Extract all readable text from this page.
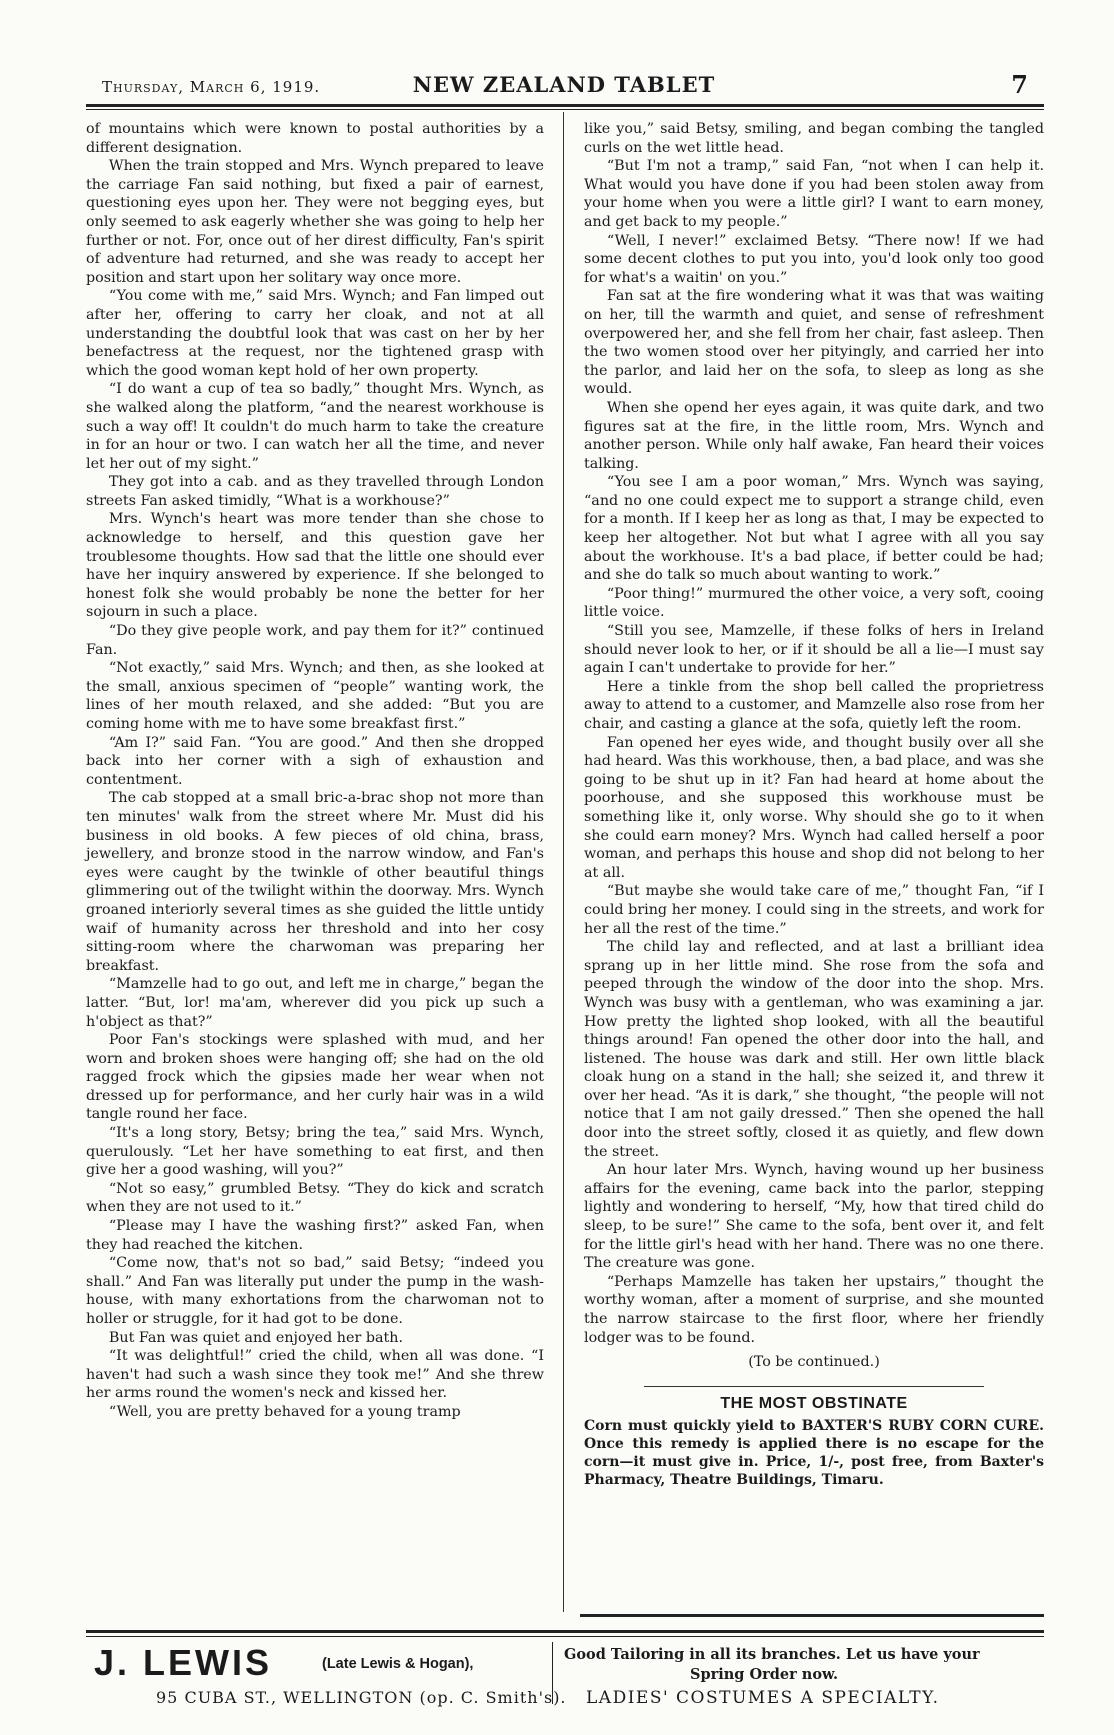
Thursday, March 6, 1919.	NEW ZEALAND TABLET	7

of mountains which were known to postal authorities by a different designation.

When the train stopped and Mrs. Wynch prepared to leave the carriage Fan said nothing, but fixed a pair of earnest, questioning eyes upon her. They were not begging eyes, but only seemed to ask eagerly whether she was going to help her further or not. For, once out of her direst difficulty, Fan's spirit of adventure had returned, and she was ready to accept her position and start upon her solitary way once more.

“You come with me,” said Mrs. Wynch; and Fan limped out after her, offering to carry her cloak, and not at all understanding the doubtful look that was cast on her by her benefactress at the request, nor the tightened grasp with which the good woman kept hold of her own property.

“I do want a cup of tea so badly,” thought Mrs. Wynch, as she walked along the platform, “and the nearest workhouse is such a way off! It couldn't do much harm to take the creature in for an hour or two. I can watch her all the time, and never let her out of my sight.”

They got into a cab. and as they travelled through London streets Fan asked timidly, “What is a workhouse?”

Mrs. Wynch's heart was more tender than she chose to acknowledge to herself, and this question gave her troublesome thoughts. How sad that the little one should ever have her inquiry answered by experience. If she belonged to honest folk she would probably be none the better for her sojourn in such a place.

“Do they give people work, and pay them for it?” continued Fan.

“Not exactly,” said Mrs. Wynch; and then, as she looked at the small, anxious specimen of “people” wanting work, the lines of her mouth relaxed, and she added: “But you are coming home with me to have some breakfast first.”

“Am I?” said Fan. “You are good.” And then she dropped back into her corner with a sigh of exhaustion and contentment.

The cab stopped at a small bric-a-brac shop not more than ten minutes' walk from the street where Mr. Must did his business in old books. A few pieces of old china, brass, jewellery, and bronze stood in the narrow window, and Fan's eyes were caught by the twinkle of other beautiful things glimmering out of the twilight within the doorway. Mrs. Wynch groaned interiorly several times as she guided the little untidy waif of humanity across her threshold and into her cosy sitting-room where the charwoman was preparing her breakfast.

“Mamzelle had to go out, and left me in charge,” began the latter. “But, lor! ma'am, wherever did you pick up such a h'object as that?”

Poor Fan's stockings were splashed with mud, and her worn and broken shoes were hanging off; she had on the old ragged frock which the gipsies made her wear when not dressed up for performance, and her curly hair was in a wild tangle round her face.

“It's a long story, Betsy; bring the tea,” said Mrs. Wynch, querulously. “Let her have something to eat first, and then give her a good washing, will you?”

“Not so easy,” grumbled Betsy. “They do kick and scratch when they are not used to it.”

“Please may I have the washing first?” asked Fan, when they had reached the kitchen.

“Come now, that's not so bad,” said Betsy; “indeed you shall.” And Fan was literally put under the pump in the wash-house, with many exhortations from the charwoman not to holler or struggle, for it had got to be done.

But Fan was quiet and enjoyed her bath.

“It was delightful!” cried the child, when all was done. “I haven't had such a wash since they took me!” And she threw her arms round the women's neck and kissed her.

“Well, you are pretty behaved for a young tramp

like you,” said Betsy, smiling, and began combing the tangled curls on the wet little head.

“But I'm not a tramp,” said Fan, “not when I can help it. What would you have done if you had been stolen away from your home when you were a little girl? I want to earn money, and get back to my people.”

“Well, I never!” exclaimed Betsy. “There now! If we had some decent clothes to put you into, you'd look only too good for what's a waitin' on you.”

Fan sat at the fire wondering what it was that was waiting on her, till the warmth and quiet, and sense of refreshment overpowered her, and she fell from her chair, fast asleep. Then the two women stood over her pityingly, and carried her into the parlor, and laid her on the sofa, to sleep as long as she would.

When she opend her eyes again, it was quite dark, and two figures sat at the fire, in the little room, Mrs. Wynch and another person. While only half awake, Fan heard their voices talking.

“You see I am a poor woman,” Mrs. Wynch was saying, “and no one could expect me to support a strange child, even for a month. If I keep her as long as that, I may be expected to keep her altogether. Not but what I agree with all you say about the workhouse. It's a bad place, if better could be had; and she do talk so much about wanting to work.”

“Poor thing!” murmured the other voice, a very soft, cooing little voice.

“Still you see, Mamzelle, if these folks of hers in Ireland should never look to her, or if it should be all a lie—I must say again I can't undertake to provide for her.”

Here a tinkle from the shop bell called the proprietress away to attend to a customer, and Mamzelle also rose from her chair, and casting a glance at the sofa, quietly left the room.

Fan opened her eyes wide, and thought busily over all she had heard. Was this workhouse, then, a bad place, and was she going to be shut up in it? Fan had heard at home about the poorhouse, and she supposed this workhouse must be something like it, only worse. Why should she go to it when she could earn money? Mrs. Wynch had called herself a poor woman, and perhaps this house and shop did not belong to her at all.

“But maybe she would take care of me,” thought Fan, “if I could bring her money. I could sing in the streets, and work for her all the rest of the time.”

The child lay and reflected, and at last a brilliant idea sprang up in her little mind. She rose from the sofa and peeped through the window of the door into the shop. Mrs. Wynch was busy with a gentleman, who was examining a jar. How pretty the lighted shop looked, with all the beautiful things around! Fan opened the other door into the hall, and listened. The house was dark and still. Her own little black cloak hung on a stand in the hall; she seized it, and threw it over her head. “As it is dark,” she thought, “the people will not notice that I am not gaily dressed.” Then she opened the hall door into the street softly, closed it as quietly, and flew down the street.

An hour later Mrs. Wynch, having wound up her business affairs for the evening, came back into the parlor, stepping lightly and wondering to herself, “My, how that tired child do sleep, to be sure!” She came to the sofa, bent over it, and felt for the little girl's head with her hand. There was no one there. The creature was gone.

“Perhaps Mamzelle has taken her upstairs,” thought the worthy woman, after a moment of surprise, and she mounted the narrow staircase to the first floor, where her friendly lodger was to be found.

(To be continued.)

THE MOST OBSTINATE

Corn must quickly yield to BAXTER'S RUBY CORN CURE. Once this remedy is applied there is no escape for the corn—it must give in. Price, 1/-, post free, from Baxter's Pharmacy, Theatre Buildings, Timaru.

J. LEWIS	(Late Lewis & Hogan),
95 CUBA ST., WELLINGTON (op. C. Smith's).
Good Tailoring in all its branches. Let us have your
Spring Order now.
LADIES' COSTUMES A SPECIALTY.
